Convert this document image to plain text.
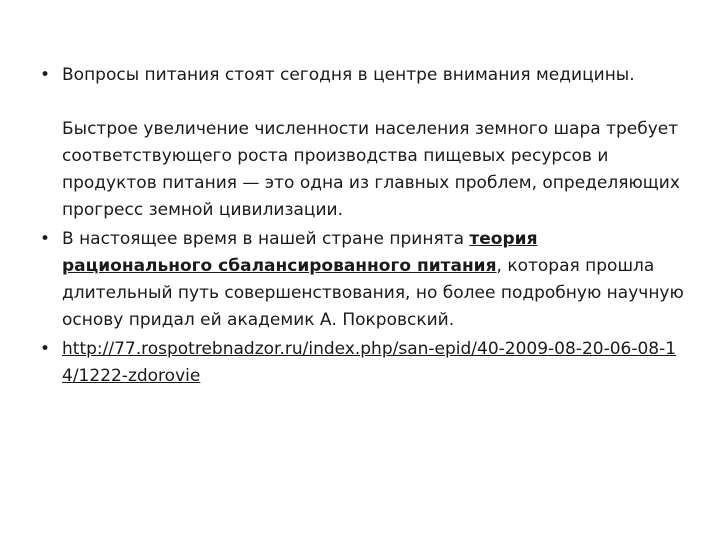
• Вопросы питания стоят сегодня в центре внимания медицины.
Быстрое увеличение численности населения земного шара требует соответствующего роста производства пищевых ресурсов и продуктов питания — это одна из главных проблем, определяющих прогресс земной цивилизации.
• В настоящее время в нашей стране принята теория рационального сбалансированного питания, которая прошла длительный путь совершенствования, но более подробную научную основу придал ей академик А. Покровский.
• http://77.rospotrebnadzor.ru/index.php/san-epid/40-2009-08-20-06-08-14/1222-zdorovie
